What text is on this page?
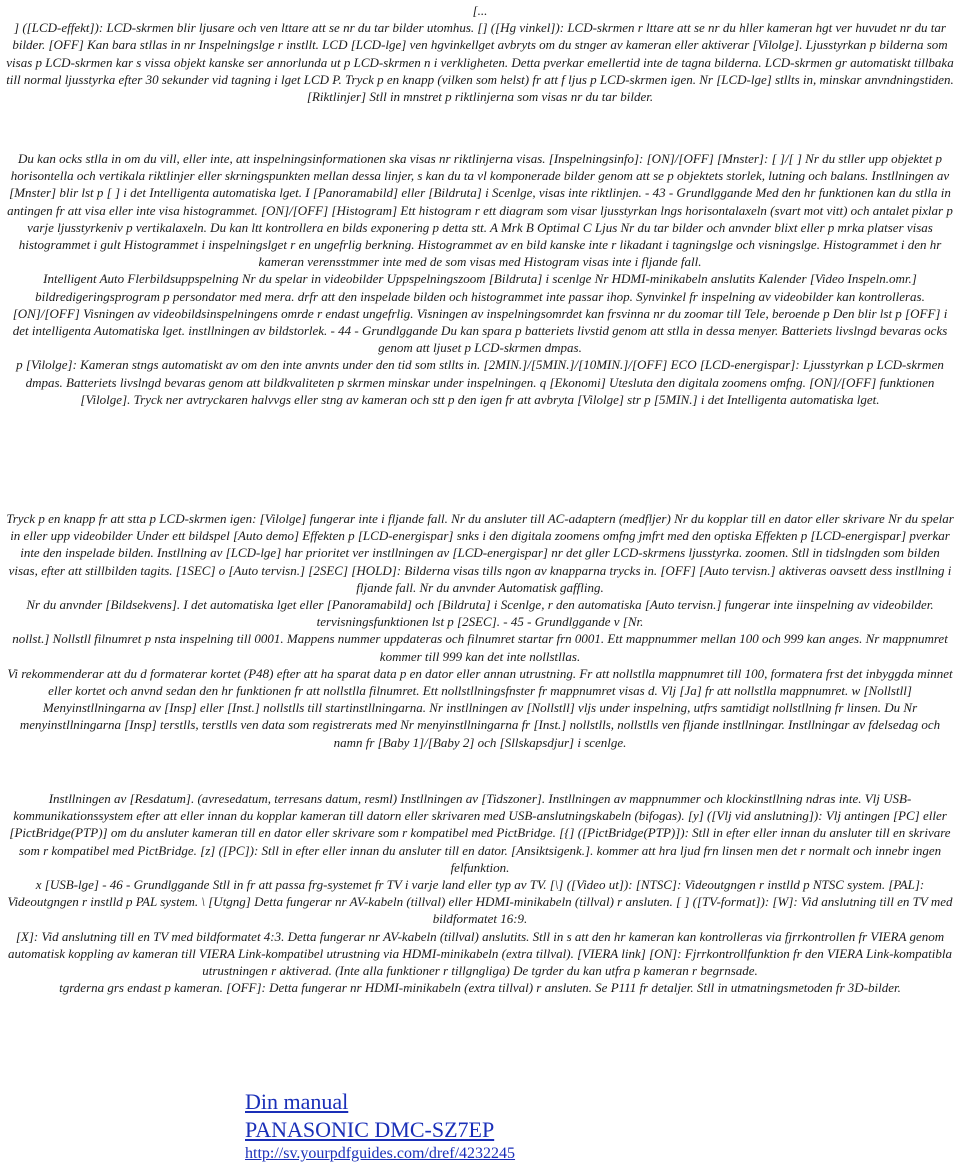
[...

] ([LCD-effekt]): LCD-skrmen blir ljusare och ven lttare att se nr du tar bilder utomhus. [] ([Hg vinkel]): LCD-skrmen r lttare att se nr du hller kameran hgt ver huvudet nr du tar bilder. [OFF] Kan bara stllas in nr Inspelningslge r instllt. LCD [LCD-lge] ven hgvinkellget avbryts om du stnger av kameran eller aktiverar [Vilolge]. Ljusstyrkan p bilderna som visas p LCD-skrmen kar s vissa objekt kanske ser annorlunda ut p LCD-skrmen n i verkligheten. Detta pverkar emellertid inte de tagna bilderna. LCD-skrmen gr automatiskt tillbaka till normal ljusstyrka efter 30 sekunder vid tagning i lget LCD P. Tryck p en knapp (vilken som helst) fr att f ljus p LCD-skrmen igen. Nr [LCD-lge] stllts in, minskar anvndningstiden. [Riktlinjer] Stll in mnstret p riktlinjerna som visas nr du tar bilder.

Du kan ocks stlla in om du vill, eller inte, att inspelningsinformationen ska visas nr riktlinjerna visas. [Inspelningsinfo]: [ON]/[OFF] [Mnster]: [ ]/[ ] Nr du stller upp objektet p horisontella och vertikala riktlinjer eller skrningspunkten mellan dessa linjer, s kan du ta vl komponerade bilder genom att se p objektets storlek, lutning och balans. Instllningen av [Mnster] blir lst p [ ] i det Intelligenta automatiska lget. I [Panoramabild] eller [Bildruta] i Scenlge, visas inte riktlinjen. - 43 - Grundlggande Med den hr funktionen kan du stlla in antingen fr att visa eller inte visa histogrammet. [ON]/[OFF] [Histogram] Ett histogram r ett diagram som visar ljusstyrkan lngs horisontalaxeln (svart mot vitt) och antalet pixlar p varje ljusstyrkeniv p vertikalaxeln. Du kan ltt kontrollera en bilds exponering p detta stt. A Mrk B Optimal C Ljus Nr du tar bilder och anvnder blixt eller p mrka platser visas histogrammet i gult Histogrammet i inspelningslget r en ungefrlig berkning. Histogrammet av en bild kanske inte r likadant i tagningslge och visningslge. Histogrammet i den hr kameran verensstmmer inte med de som visas med Histogram visas inte i fljande fall.

Intelligent Auto Flerbildsuppspelning Nr du spelar in videobilder Uppspelningszoom [Bildruta] i scenlge Nr HDMI-minikabeln anslutits Kalender [Video Inspeln.omr.] bildredigeringsprogram p persondator med mera. drfr att den inspelade bilden och histogrammet inte passar ihop. Synvinkel fr inspelning av videobilder kan kontrolleras.

[ON]/[OFF] Visningen av videobildsinspelningens omrde r endast ungefrlig. Visningen av inspelningsomrdet kan frsvinna nr du zoomar till Tele, beroende p Den blir lst p [OFF] i det intelligenta Automatiska lget. instllningen av bildstorlek. - 44 - Grundlggande Du kan spara p batteriets livstid genom att stlla in dessa menyer. Batteriets livslngd bevaras ocks genom att ljuset p LCD-skrmen dmpas.

p [Vilolge]: Kameran stngs automatiskt av om den inte anvnts under den tid som stllts in. [2MIN.]/[5MIN.]/[10MIN.]/[OFF] ECO [LCD-energispar]: Ljusstyrkan p LCD-skrmen dmpas. Batteriets livslngd bevaras genom att bildkvaliteten p skrmen minskar under inspelningen. q [Ekonomi] Utesluta den digitala zoomens omfng. [ON]/[OFF] funktionen [Vilolge]. Tryck ner avtryckaren halvvgs eller stng av kameran och stt p den igen fr att avbryta [Vilolge] str p [5MIN.] i det Intelligenta automatiska lget.

Tryck p en knapp fr att stta p LCD-skrmen igen: [Vilolge] fungerar inte i fljande fall. Nr du ansluter till AC-adaptern (medfljer) Nr du kopplar till en dator eller skrivare Nr du spelar in eller upp videobilder Under ett bildspel [Auto demo] Effekten p [LCD-energispar] snks i den digitala zoomens omfng jmfrt med den optiska Effekten p [LCD-energispar] pverkar inte den inspelade bilden. Instllning av [LCD-lge] har prioritet ver instllningen av [LCD-energispar] nr det gller LCD-skrmens ljusstyrka. zoomen. Stll in tidslngden som bilden visas, efter att stillbilden tagits. [1SEC] o [Auto tervisn.] [2SEC] [HOLD]: Bilderna visas tills ngon av knapparna trycks in. [OFF] [Auto tervisn.] aktiveras oavsett dess instllning i fljande fall. Nr du anvnder Automatisk gaffling.

Nr du anvnder [Bildsekvens]. I det automatiska lget eller [Panoramabild] och [Bildruta] i Scenlge, r den automatiska [Auto tervisn.] fungerar inte iinspelning av videobilder. tervisningsfunktionen lst p [2SEC]. - 45 - Grundlggande v [Nr.

nollst.] Nollstll filnumret p nsta inspelning till 0001. Mappens nummer uppdateras och filnumret startar frn 0001. Ett mappnummer mellan 100 och 999 kan anges. Nr mappnumret kommer till 999 kan det inte nollstllas.

Vi rekommenderar att du d formaterar kortet (P48) efter att ha sparat data p en dator eller annan utrustning. Fr att nollstlla mappnumret till 100, formatera frst det inbyggda minnet eller kortet och anvnd sedan den hr funktionen fr att nollstlla filnumret. Ett nollstllningsfnster fr mappnumret visas d. Vlj [Ja] fr att nollstlla mappnumret. w [Nollstll] Menyinstllningarna av [Insp] eller [Inst.] nollstlls till startinstllningarna. Nr instllningen av [Nollstll] vljs under inspelning, utfrs samtidigt nollstllning fr linsen. Du Nr menyinstllningarna [Insp] terstlls, terstlls ven data som registrerats med Nr menyinstllningarna fr [Inst.] nollstlls, nollstlls ven fljande instllningar. Instllningar av fdelsedag och namn fr [Baby 1]/[Baby 2] och [Sllskapsdjur] i scenlge.

Instllningen av [Resdatum]. (avresedatum, terresans datum, resml) Instllningen av [Tidszoner]. Instllningen av mappnummer och klockinstllning ndras inte. Vlj USB-kommunikationssystem efter att eller innan du kopplar kameran till datorn eller skrivaren med USB-anslutningskabeln (bifogas). [y] ([Vlj vid anslutning]): Vlj antingen [PC] eller [PictBridge(PTP)] om du ansluter kameran till en dator eller skrivare som r kompatibel med PictBridge. [{] ([PictBridge(PTP)]): Stll in efter eller innan du ansluter till en skrivare som r kompatibel med PictBridge. [z] ([PC]): Stll in efter eller innan du ansluter till en dator. [Ansiktsigenk.]. kommer att hra ljud frn linsen men det r normalt och innebr ingen felfunktion.

x [USB-lge] - 46 - Grundlggande Stll in fr att passa frg-systemet fr TV i varje land eller typ av TV. [\] ([Video ut]): [NTSC]: Videoutgngen r instlld p NTSC system. [PAL]: Videoutgngen r instlld p PAL system. \ [Utgng] Detta fungerar nr AV-kabeln (tillval) eller HDMI-minikabeln (tillval) r ansluten. [ ] ([TV-format]): [W]: Vid anslutning till en TV med bildformatet 16:9.

[X]: Vid anslutning till en TV med bildformatet 4:3. Detta fungerar nr AV-kabeln (tillval) anslutits. Stll in s att den hr kameran kan kontrolleras via fjrrkontrollen fr VIERA genom automatisk koppling av kameran till VIERA Link-kompatibel utrustning via HDMI-minikabeln (extra tillval). [VIERA link] [ON]: Fjrrkontrollfunktion fr den VIERA Link-kompatibla utrustningen r aktiverad. (Inte alla funktioner r tillgngliga) De tgrder du kan utfra p kameran r begrnsade.

tgrderna grs endast p kameran. [OFF]: Detta fungerar nr HDMI-minikabeln (extra tillval) r ansluten. Se P111 fr detaljer. Stll in utmatningsmetoden fr 3D-bilder.

Din manual
PANASONIC DMC-SZ7EP
http://sv.yourpdfguides.com/dref/4232245
